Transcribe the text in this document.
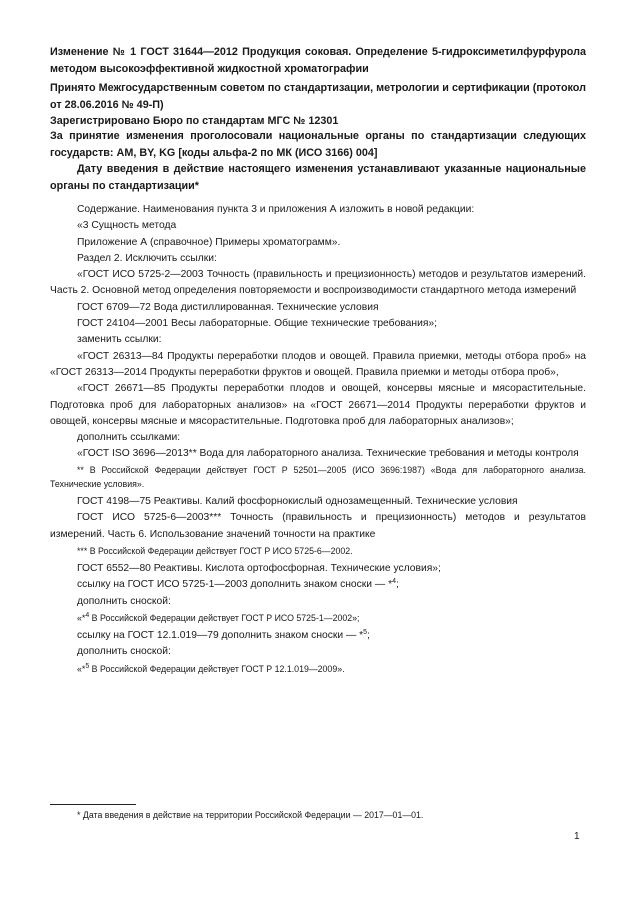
Изменение № 1 ГОСТ 31644—2012 Продукция соковая. Определение 5-гидроксиметилфурфурола методом высокоэффективной жидкостной хроматографии
Принято Межгосударственным советом по стандартизации, метрологии и сертификации (протокол от 28.06.2016 № 49-П)
Зарегистрировано Бюро по стандартам МГС № 12301
За принятие изменения проголосовали национальные органы по стандартизации следующих государств: AM, BY, KG [коды альфа-2 по МК (ИСО 3166) 004]
Дату введения в действие настоящего изменения устанавливают указанные национальные органы по стандартизации*
Содержание. Наименования пункта 3 и приложения А изложить в новой редакции:
«3 Сущность метода
Приложение А (справочное) Примеры хроматограмм».
Раздел 2. Исключить ссылки:
«ГОСТ ИСО 5725-2—2003 Точность (правильность и прецизионность) методов и результатов измерений. Часть 2. Основной метод определения повторяемости и воспроизводимости стандартного метода измерений
ГОСТ 6709—72 Вода дистиллированная. Технические условия
ГОСТ 24104—2001 Весы лабораторные. Общие технические требования»;
заменить ссылки:
«ГОСТ 26313—84 Продукты переработки плодов и овощей. Правила приемки, методы отбора проб» на «ГОСТ 26313—2014 Продукты переработки фруктов и овощей. Правила приемки и методы отбора проб»,
«ГОСТ 26671—85 Продукты переработки плодов и овощей, консервы мясные и мясорастительные. Подготовка проб для лабораторных анализов» на «ГОСТ 26671—2014 Продукты переработки фруктов и овощей, консервы мясные и мясорастительные. Подготовка проб для лабораторных анализов»;
дополнить ссылками:
«ГОСТ ISO 3696—2013** Вода для лабораторного анализа. Технические требования и методы контроля
** В Российской Федерации действует ГОСТ Р 52501—2005 (ИСО 3696:1987) «Вода для лабораторного анализа. Технические условия».
ГОСТ 4198—75 Реактивы. Калий фосфорнокислый однозамещенный. Технические условия
ГОСТ ИСО 5725-6—2003*** Точность (правильность и прецизионность) методов и результатов измерений. Часть 6. Использование значений точности на практике
*** В Российской Федерации действует ГОСТ Р ИСО 5725-6—2002.
ГОСТ 6552—80 Реактивы. Кислота ортофосфорная. Технические условия»;
ссылку на ГОСТ ИСО 5725-1—2003 дополнить знаком сноски — *$^4$;
дополнить сноской:
«*$^4$ В Российской Федерации действует ГОСТ Р ИСО 5725-1—2002»;
ссылку на ГОСТ 12.1.019—79 дополнить знаком сноски — *$^5$;
дополнить сноской:
«*$^5$ В Российской Федерации действует ГОСТ Р 12.1.019—2009».
* Дата введения в действие на территории Российской Федерации — 2017—01—01.
1
